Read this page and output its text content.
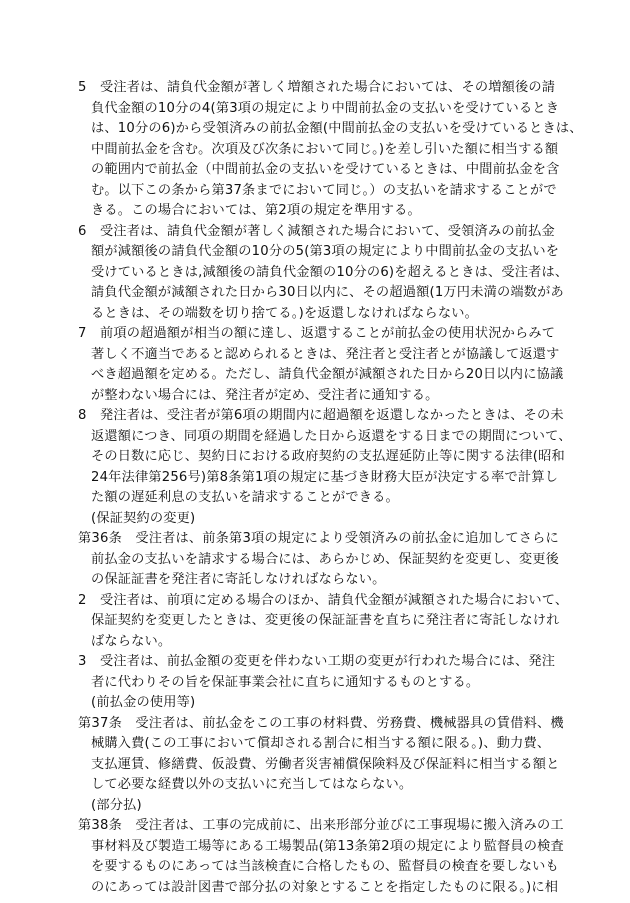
5　受注者は、請負代金額が著しく増額された場合においては、その増額後の請
負代金額の10分の4(第3項の規定により中間前払金の支払いを受けているとき
は、10分の6)から受領済みの前払金額(中間前払金の支払いを受けているときは、
中間前払金を含む。次項及び次条において同じ。)を差し引いた額に相当する額
の範囲内で前払金（中間前払金の支払いを受けているときは、中間前払金を含
む。以下この条から第37条までにおいて同じ。）の支払いを請求することがで
きる。この場合においては、第2項の規定を準用する。
6　受注者は、請負代金額が著しく減額された場合において、受領済みの前払金
額が減額後の請負代金額の10分の5(第3項の規定により中間前払金の支払いを
受けているときは,減額後の請負代金額の10分の6)を超えるときは、受注者は、
請負代金額が減額された日から30日以内に、その超過額(1万円未満の端数があ
るときは、その端数を切り捨てる。)を返還しなければならない。
7　前項の超過額が相当の額に達し、返還することが前払金の使用状況からみて
著しく不適当であると認められるときは、発注者と受注者とが協議して返還す
べき超過額を定める。ただし、請負代金額が減額された日から20日以内に協議
が整わない場合には、発注者が定め、受注者に通知する。
8　発注者は、受注者が第6項の期間内に超過額を返還しなかったときは、その未
返還額につき、同項の期間を経過した日から返還をする日までの期間について、
その日数に応じ、契約日における政府契約の支払遅延防止等に関する法律(昭和
24年法律第256号)第8条第1項の規定に基づき財務大臣が決定する率で計算し
た額の遅延利息の支払いを請求することができる。
(保証契約の変更)
第36条　受注者は、前条第3項の規定により受領済みの前払金に追加してさらに
前払金の支払いを請求する場合には、あらかじめ、保証契約を変更し、変更後
の保証証書を発注者に寄託しなければならない。
2　受注者は、前項に定める場合のほか、請負代金額が減額された場合において、
保証契約を変更したときは、変更後の保証証書を直ちに発注者に寄託しなけれ
ばならない。
3　受注者は、前払金額の変更を伴わない工期の変更が行われた場合には、発注
者に代わりその旨を保証事業会社に直ちに通知するものとする。
(前払金の使用等)
第37条　受注者は、前払金をこの工事の材料費、労務費、機械器具の賃借料、機
械購入費(この工事において償却される割合に相当する額に限る。)、動力費、
支払運賃、修繕費、仮設費、労働者災害補償保険料及び保証料に相当する額と
して必要な経費以外の支払いに充当してはならない。
(部分払)
第38条　受注者は、工事の完成前に、出来形部分並びに工事現場に搬入済みの工
事材料及び製造工場等にある工場製品(第13条第2項の規定により監督員の検査
を要するものにあっては当該検査に合格したもの、監督員の検査を要しないも
のにあっては設計図書で部分払の対象とすることを指定したものに限る。)に相
